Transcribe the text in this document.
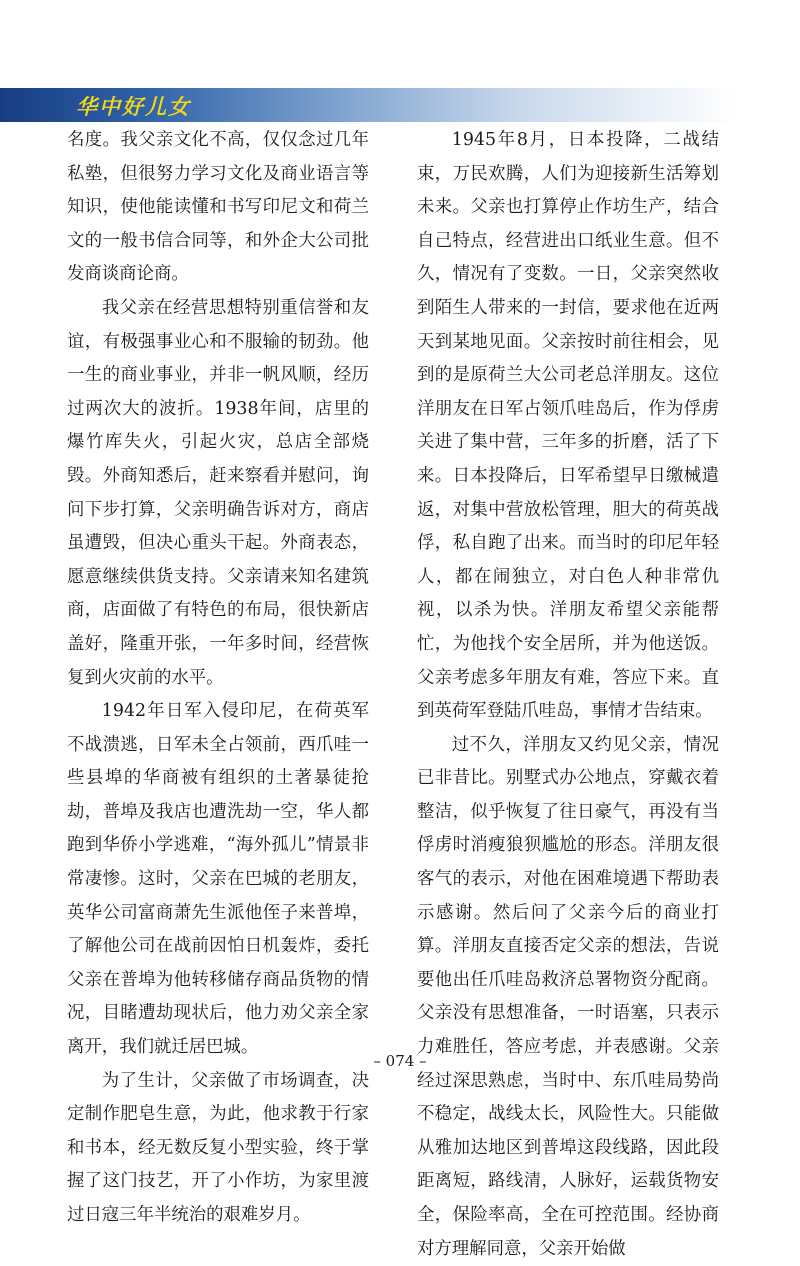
华中好儿女

名度。我父亲文化不高，仅仅念过几年私塾，但很努力学习文化及商业语言等知识，使他能读懂和书写印尼文和荷兰文的一般书信合同等，和外企大公司批发商谈商论商。

我父亲在经营思想特别重信誉和友谊，有极强事业心和不服输的韧劲。他一生的商业事业，并非一帆风顺，经历过两次大的波折。1938年间，店里的爆竹库失火，引起火灾，总店全部烧毁。外商知悉后，赶来察看并慰问，询问下步打算，父亲明确告诉对方，商店虽遭毁，但决心重头干起。外商表态，愿意继续供货支持。父亲请来知名建筑商，店面做了有特色的布局，很快新店盖好，隆重开张，一年多时间，经营恢复到火灾前的水平。

1942年日军入侵印尼，在荷英军不战溃逃，日军未全占领前，西爪哇一些县埠的华商被有组织的土著暴徒抢劫，普埠及我店也遭洗劫一空，华人都跑到华侨小学逃难，“海外孤儿”情景非常凄惨。这时，父亲在巴城的老朋友，英华公司富商萧先生派他侄子来普埠，了解他公司在战前因怕日机轰炸，委托父亲在普埠为他转移储存商品货物的情况，目睹遭劫现状后，他力劝父亲全家离开，我们就迁居巴城。

为了生计，父亲做了市场调查，决定制作肥皂生意，为此，他求教于行家和书本，经无数反复小型实验，终于掌握了这门技艺，开了小作坊，为家里渡过日寇三年半统治的艰难岁月。

1945年8月，日本投降，二战结束，万民欢腾，人们为迎接新生活筹划未来。父亲也打算停止作坊生产，结合自己特点，经营进出口纸业生意。但不久，情况有了变数。一日，父亲突然收到陌生人带来的一封信，要求他在近两天到某地见面。父亲按时前往相会，见到的是原荷兰大公司老总洋朋友。这位洋朋友在日军占领爪哇岛后，作为俘虏关进了集中营，三年多的折磨，活了下来。日本投降后，日军希望早日缴械遣返，对集中营放松管理，胆大的荷英战俘，私自跑了出来。而当时的印尼年轻人，都在闹独立，对白色人种非常仇视，以杀为快。洋朋友希望父亲能帮忙，为他找个安全居所，并为他送饭。父亲考虑多年朋友有难，答应下来。直到英荷军登陆爪哇岛，事情才告结束。

过不久，洋朋友又约见父亲，情况已非昔比。别墅式办公地点，穿戴衣着整洁，似乎恢复了往日豪气，再没有当俘虏时消瘦狼狈尴尬的形态。洋朋友很客气的表示，对他在困难境遇下帮助表示感谢。然后问了父亲今后的商业打算。洋朋友直接否定父亲的想法，告说要他出任爪哇岛救济总署物资分配商。父亲没有思想准备，一时语塞，只表示力难胜任，答应考虑，并表感谢。父亲经过深思熟虑，当时中、东爪哇局势尚不稳定，战线太长，风险性大。只能做从雅加达地区到普埠这段线路，因此段距离短，路线清，人脉好，运载货物安全，保险率高，全在可控范围。经协商对方理解同意，父亲开始做

– 074 –
